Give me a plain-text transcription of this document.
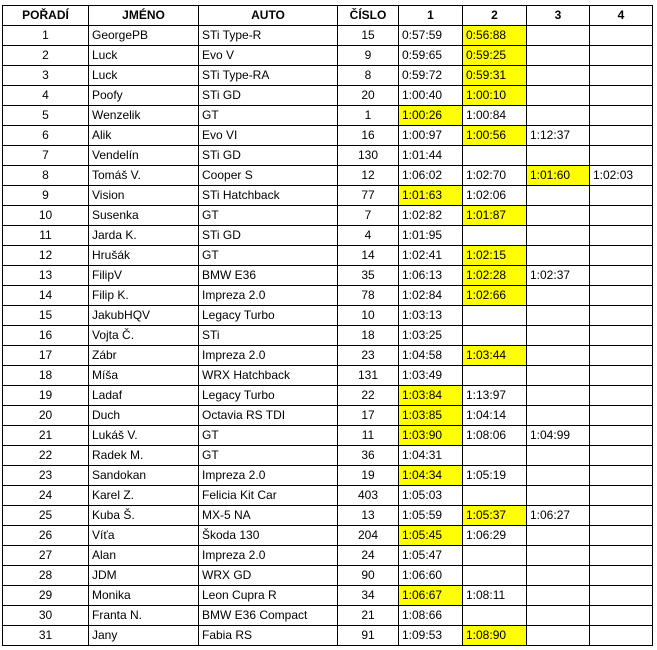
POŘADÍ	JMÉNO	AUTO	ČÍSLO	1	2	3	4
1	GeorgePB	STi Type-R	15	0:57:59	0:56:88		
2	Luck	Evo V	9	0:59:65	0:59:25		
3	Luck	STi Type-RA	8	0:59:72	0:59:31		
4	Poofy	STi GD	20	1:00:40	1:00:10		
5	Wenzelik	GT	1	1:00:26	1:00:84		
6	Alik	Evo VI	16	1:00:97	1:00:56	1:12:37	
7	Vendelín	STi GD	130	1:01:44			
8	Tomáš V.	Cooper S	12	1:06:02	1:02:70	1:01:60	1:02:03
9	Vision	STi Hatchback	77	1:01:63	1:02:06		
10	Susenka	GT	7	1:02:82	1:01:87		
11	Jarda K.	STi GD	4	1:01:95			
12	Hrušák	GT	14	1:02:41	1:02:15		
13	FilipV	BMW E36	35	1:06:13	1:02:28	1:02:37	
14	Filip K.	Impreza 2.0	78	1:02:84	1:02:66		
15	JakubHQV	Legacy Turbo	10	1:03:13			
16	Vojta Č.	STi	18	1:03:25			
17	Zábr	Impreza 2.0	23	1:04:58	1:03:44		
18	Míša	WRX Hatchback	131	1:03:49			
19	Ladaf	Legacy Turbo	22	1:03:84	1:13:97		
20	Duch	Octavia RS TDI	17	1:03:85	1:04:14		
21	Lukáš V.	GT	11	1:03:90	1:08:06	1:04:99	
22	Radek M.	GT	36	1:04:31			
23	Sandokan	Impreza 2.0	19	1:04:34	1:05:19		
24	Karel Z.	Felicia Kit Car	403	1:05:03			
25	Kuba Š.	MX-5 NA	13	1:05:59	1:05:37	1:06:27	
26	Víťa	Škoda 130	204	1:05:45	1:06:29		
27	Alan	Impreza 2.0	24	1:05:47			
28	JDM	WRX GD	90	1:06:60			
29	Monika	Leon Cupra R	34	1:06:67	1:08:11		
30	Franta N.	BMW E36 Compact	21	1:08:66			
31	Jany	Fabia RS	91	1:09:53	1:08:90		
